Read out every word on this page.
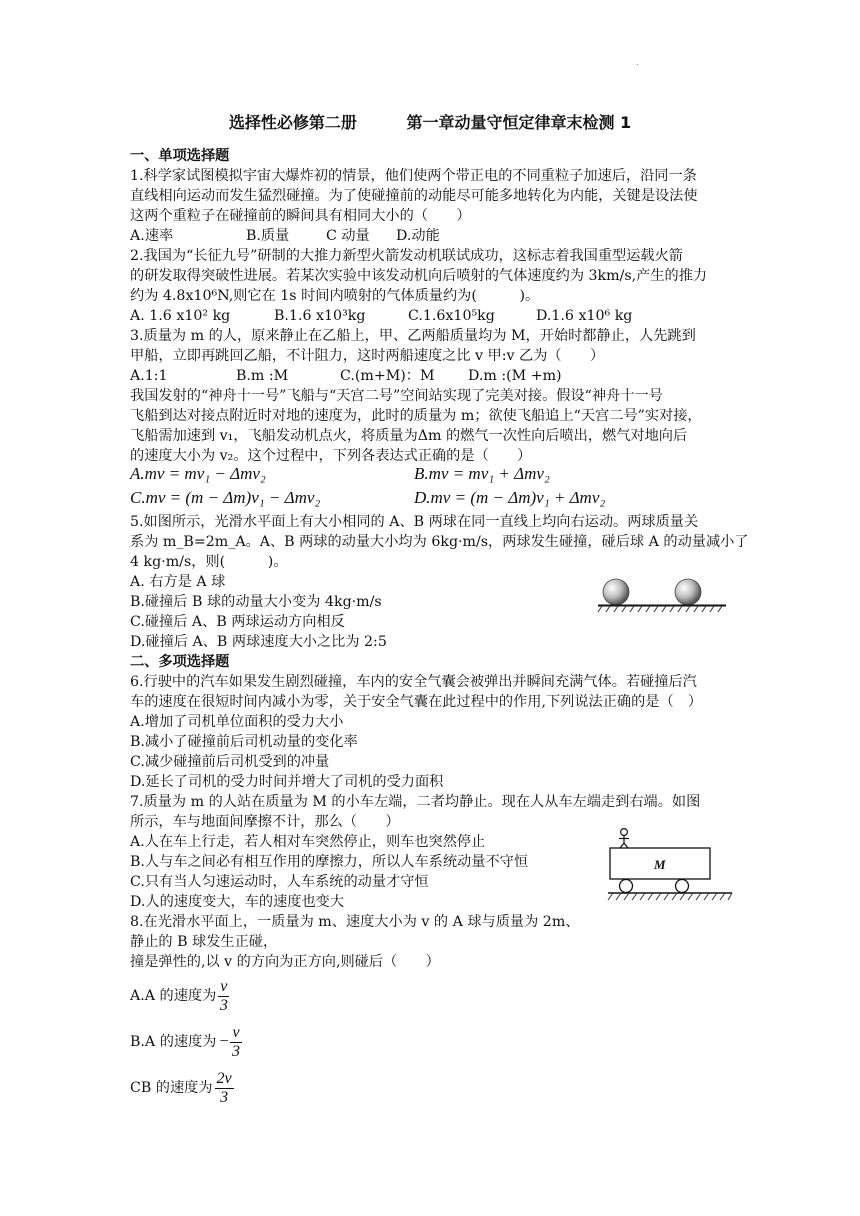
.
选择性必修第二册	第一章动量守恒定律章末检测 1
一、单项选择题
1.科学家试图模拟宇宙大爆炸初的情景，他们使两个带正电的不同重粒子加速后，沿同一条
直线相向运动而发生猛烈碰撞。为了使碰撞前的动能尽可能多地转化为内能，关键是设法使
这两个重粒子在碰撞前的瞬间具有相同大小的（　　）
A.速率	B.质量	C 动量 D.动能
2.我国为“长征九号”研制的大推力新型火箭发动机联试成功，这标志着我国重型运载火箭
的研发取得突破性进展。若某次实验中该发动机向后喷射的气体速度约为 3km/s,产生的推力
约为 4.8x10⁶N,则它在 1s 时间内喷射的气体质量约为(　　　)。
A. 1.6 x10² kg	B.1.6 x10³kg	C.1.6x10⁵kg	D.1.6 x10⁶ kg
3.质量为 m 的人，原来静止在乙船上，甲、乙两船质量均为 M，开始时都静止，人先跳到
甲船，立即再跳回乙船，不计阻力，这时两船速度之比 v 甲:v 乙为（　　）
A.1:1	B.m :M	C.(m+M)：M D.m :(M +m)
我国发射的“神舟十一号”飞船与“天宫二号”空间站实现了完美对接。假设“神舟十一号
飞船到达对接点附近时对地的速度为，此时的质量为 m；欲使飞船追上“天宫二号”实对接，
飞船需加速到 v₁，飞船发动机点火，将质量为Δm 的燃气一次性向后喷出，燃气对地向后
的速度大小为 v₂。这个过程中，下列各表达式正确的是（　　）
A.mv = mv₁ − Δmv₂	B.mv = mv₁ + Δmv₂
C.mv = (m − Δm)v₁ − Δmv₂	D.mv = (m − Δm)v₁ + Δmv₂
5.如图所示，光滑水平面上有大小相同的 A、B 两球在同一直线上均向右运动。两球质量关
系为 m_B=2m_A。A、B 两球的动量大小均为 6kg·m/s，两球发生碰撞，碰后球 A 的动量减小了
4 kg·m/s，则(　　　)。
A. 右方是 A 球
B.碰撞后 B 球的动量大小变为 4kg·m/s
C.碰撞后 A、B 两球运动方向相反
D.碰撞后 A、B 两球速度大小之比为 2:5
二、多项选择题
6.行驶中的汽车如果发生剧烈碰撞，车内的安全气囊会被弹出并瞬间充满气体。若碰撞后汽
车的速度在很短时间内减小为零，关于安全气囊在此过程中的作用,下列说法正确的是（　）
A.增加了司机单位面积的受力大小
B.减小了碰撞前后司机动量的变化率
C.减少碰撞前后司机受到的冲量
D.延长了司机的受力时间并增大了司机的受力面积
7.质量为 m 的人站在质量为 M 的小车左端，二者均静止。现在人从车左端走到右端。如图
所示，车与地面间摩擦不计，那么（　　）
A.人在车上行走，若人相对车突然停止，则车也突然停止
B.人与车之间必有相互作用的摩擦力，所以人车系统动量不守恒
C.只有当人匀速运动时，人车系统的动量才守恒
D.人的速度变大，车的速度也变大
M
8.在光滑水平面上，一质量为 m、速度大小为 v 的 A 球与质量为 2m、
静止的 B 球发生正碰，
撞是弹性的,以 v 的方向为正方向,则碰后（　　）
A.A 的速度为 $\frac{v}{3}$
B.A 的速度为 − $\frac{v}{3}$
CB 的速度为 $\frac{2v}{3}$
